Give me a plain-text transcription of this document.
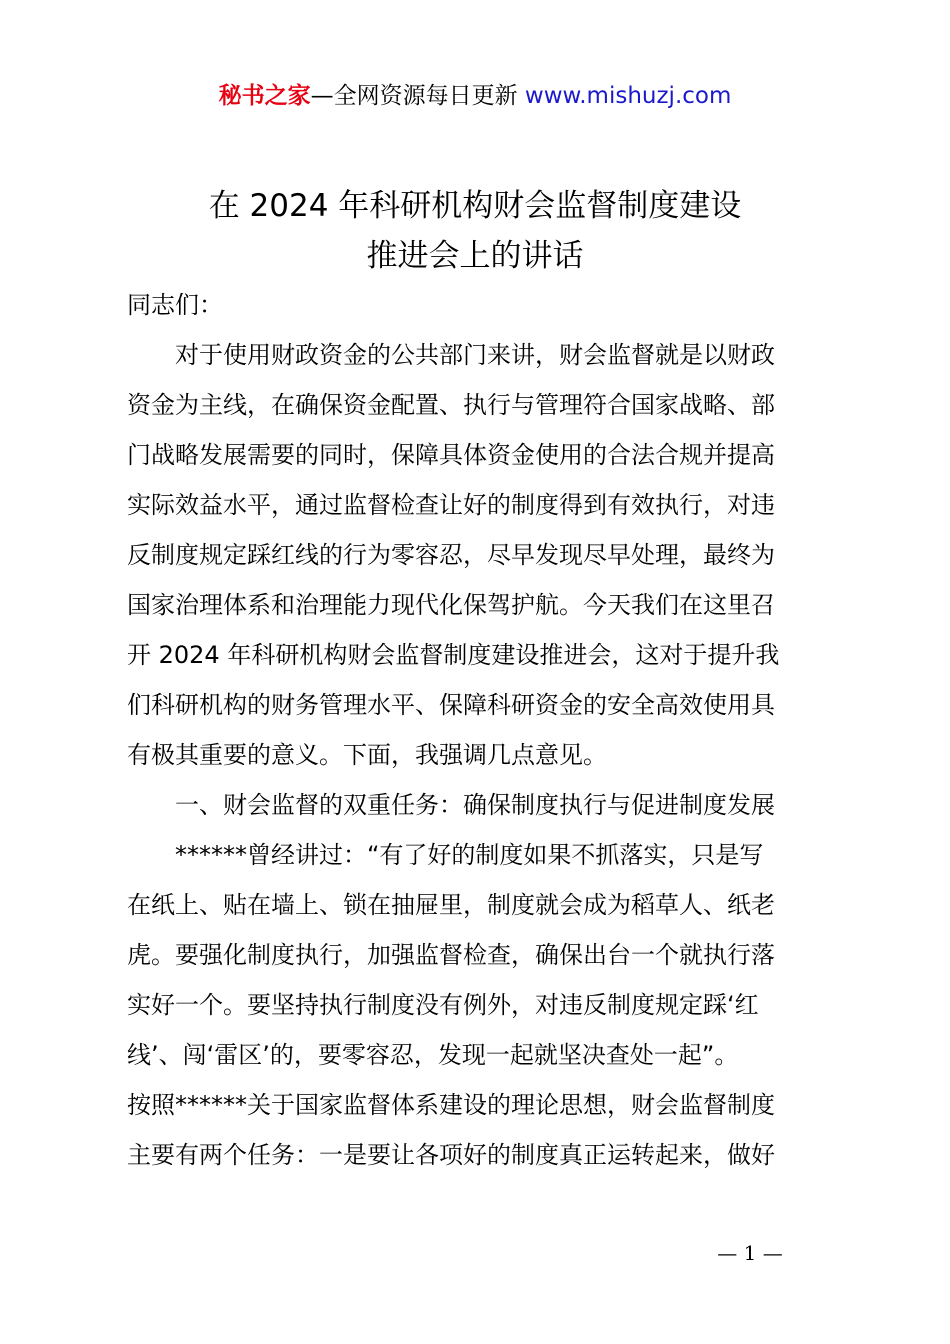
秘书之家—全网资源每日更新 www.mishuzj.com
在 2024 年科研机构财会监督制度建设
推进会上的讲话
同志们：
对于使用财政资金的公共部门来讲，财会监督就是以财政
资金为主线，在确保资金配置、执行与管理符合国家战略、部
门战略发展需要的同时，保障具体资金使用的合法合规并提高
实际效益水平，通过监督检查让好的制度得到有效执行，对违
反制度规定踩红线的行为零容忍，尽早发现尽早处理，最终为
国家治理体系和治理能力现代化保驾护航。今天我们在这里召
开 2024 年科研机构财会监督制度建设推进会，这对于提升我
们科研机构的财务管理水平、保障科研资金的安全高效使用具
有极其重要的意义。下面，我强调几点意见。
一、财会监督的双重任务：确保制度执行与促进制度发展
******曾经讲过：“有了好的制度如果不抓落实，只是写
在纸上、贴在墙上、锁在抽屉里，制度就会成为稻草人、纸老
虎。要强化制度执行，加强监督检查，确保出台一个就执行落
实好一个。要坚持执行制度没有例外，对违反制度规定踩‘红
线’、闯‘雷区’的，要零容忍，发现一起就坚决查处一起”。
按照******关于国家监督体系建设的理论思想，财会监督制度
主要有两个任务：一是要让各项好的制度真正运转起来，做好
— 1 —
